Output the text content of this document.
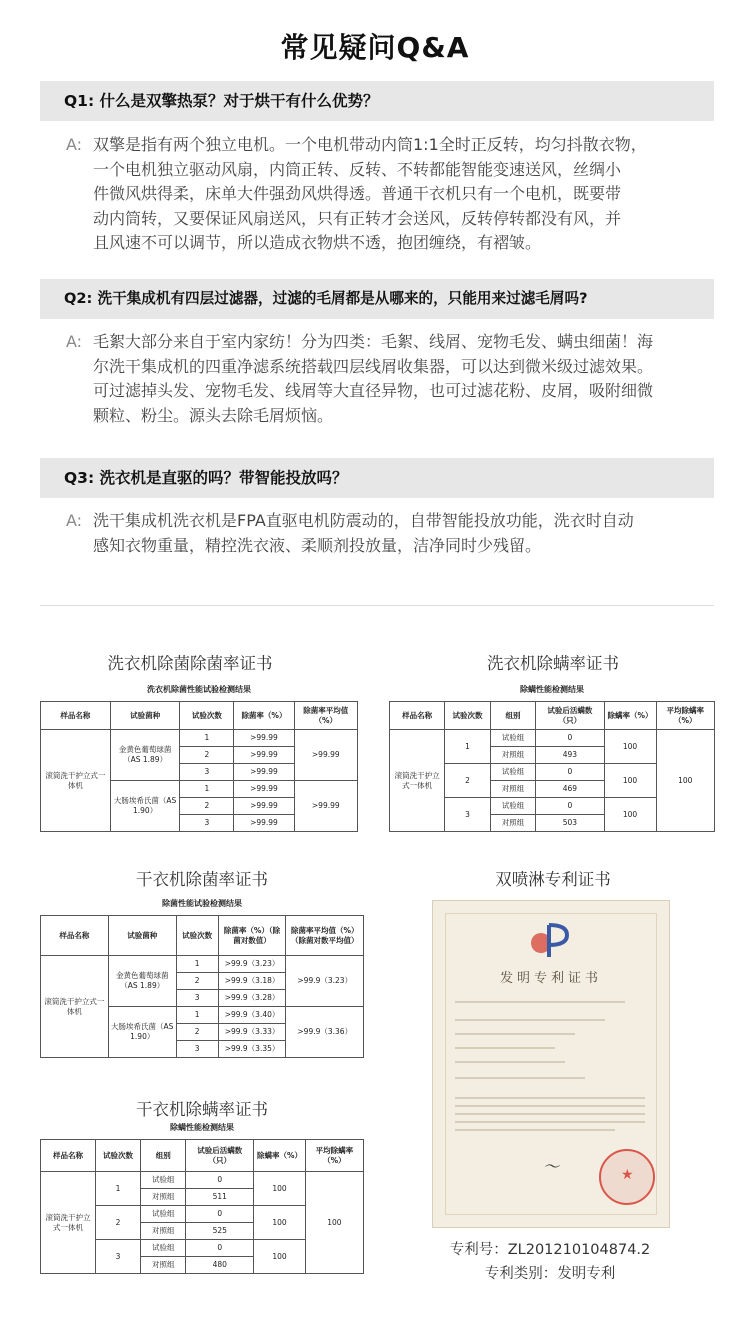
常见疑问Q&A
Q1: 什么是双擎热泵？对于烘干有什么优势？
A: 双擎是指有两个独立电机。一个电机带动内筒1:1全时正反转，均匀抖散衣物，
一个电机独立驱动风扇，内筒正转、反转、不转都能智能变速送风，丝绸小
件微风烘得柔，床单大件强劲风烘得透。普通干衣机只有一个电机，既要带
动内筒转，又要保证风扇送风，只有正转才会送风，反转停转都没有风，并
且风速不可以调节，所以造成衣物烘不透，抱团缠绕，有褶皱。
Q2: 洗干集成机有四层过滤器，过滤的毛屑都是从哪来的，只能用来过滤毛屑吗?
A: 毛絮大部分来自于室内家纺！分为四类：毛絮、线屑、宠物毛发、螨虫细菌！海
尔洗干集成机的四重净滤系统搭载四层线屑收集器，可以达到微米级过滤效果。
可过滤掉头发、宠物毛发、线屑等大直径异物，也可过滤花粉、皮屑，吸附细微
颗粒、粉尘。源头去除毛屑烦恼。
Q3: 洗衣机是直驱的吗？带智能投放吗？
A: 洗干集成机洗衣机是FPA直驱电机防震动的，自带智能投放功能，洗衣时自动
感知衣物重量，精控洗衣液、柔顺剂投放量，洁净同时少残留。
洗衣机除菌除菌率证书
洗衣机除菌性能试验检测结果
样品名称	试验菌种	试验次数	除菌率（%）	除菌率平均值（%）
滚筒洗干护立式一体机	金黄色葡萄球菌（AS 1.89）	1	>99.99	>99.99
		2	>99.99	
		3	>99.99	
	大肠埃希氏菌（AS 1.90）	1	>99.99	>99.99
		2	>99.99	
		3	>99.99	
洗衣机除螨率证书
除螨性能检测结果
样品名称	试验次数	组别	试验后活螨数（只）	除螨率（%）	平均除螨率（%）
滚筒洗干护立式一体机	1	试验组	0	100	100
		对照组	493		
	2	试验组	0	100	
		对照组	469		
	3	试验组	0	100	
		对照组	503		
干衣机除菌率证书
除菌性能试验检测结果
样品名称	试验菌种	试验次数	除菌率（%）（除菌对数值）	除菌率平均值（%）（除菌对数平均值）
滚筒洗干护立式一体机	金黄色葡萄球菌（AS 1.89）	1	>99.9（3.23）	>99.9（3.23）
		2	>99.9（3.18）	
		3	>99.9（3.28）	
	大肠埃希氏菌（AS 1.90）	1	>99.9（3.40）	>99.9（3.36）
		2	>99.9（3.33）	
		3	>99.9（3.35）	
干衣机除螨率证书
除螨性能检测结果
样品名称	试验次数	组别	试验后活螨数（只）	除螨率（%）	平均除螨率（%）
滚筒洗干护立式一体机	1	试验组	0	100	100
		对照组	511		
	2	试验组	0	100	
		对照组	525		
	3	试验组	0	100	
		对照组	480		
双喷淋专利证书
发明专利证书
〜	★
专利号：ZL201210104874.2
专利类别：发明专利
